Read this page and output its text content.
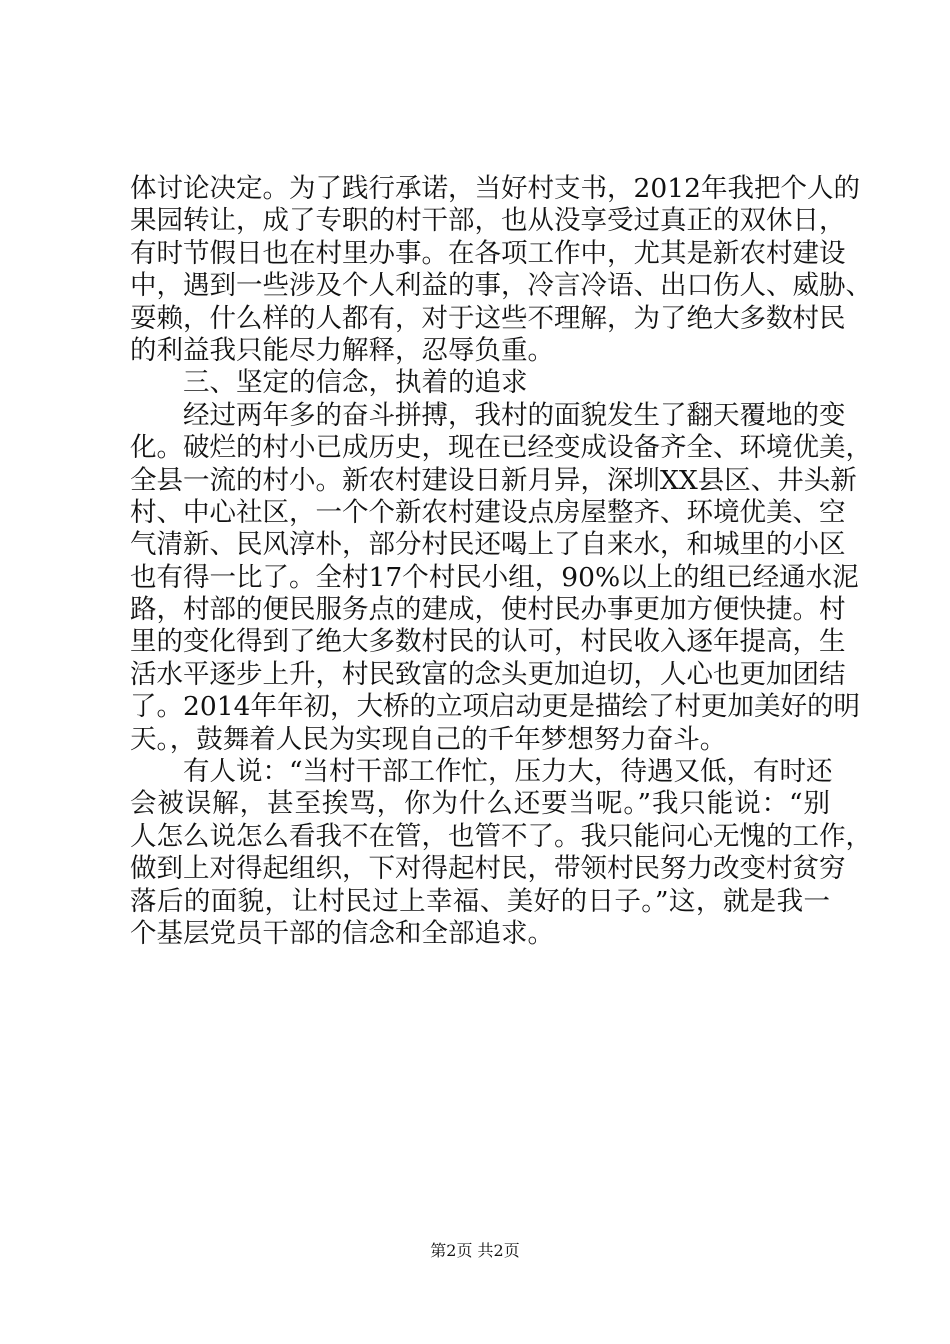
体讨论决定。为了践行承诺，当好村支书，2012年我把个人的
果园转让，成了专职的村干部，也从没享受过真正的双休日，
有时节假日也在村里办事。在各项工作中，尤其是新农村建设
中，遇到一些涉及个人利益的事，冷言冷语、出口伤人、威胁、
耍赖，什么样的人都有，对于这些不理解，为了绝大多数村民
的利益我只能尽力解释，忍辱负重。
三、坚定的信念，执着的追求
经过两年多的奋斗拼搏，我村的面貌发生了翻天覆地的变
化。破烂的村小已成历史，现在已经变成设备齐全、环境优美，
全县一流的村小。新农村建设日新月异，深圳XX县区、井头新
村、中心社区，一个个新农村建设点房屋整齐、环境优美、空
气清新、民风淳朴，部分村民还喝上了自来水，和城里的小区
也有得一比了。全村17个村民小组，90%以上的组已经通水泥
路，村部的便民服务点的建成，使村民办事更加方便快捷。村
里的变化得到了绝大多数村民的认可，村民收入逐年提高，生
活水平逐步上升，村民致富的念头更加迫切，人心也更加团结
了。2014年年初，大桥的立项启动更是描绘了村更加美好的明
天。，鼓舞着人民为实现自己的千年梦想努力奋斗。
有人说：“当村干部工作忙，压力大，待遇又低，有时还
会被误解，甚至挨骂，你为什么还要当呢。”我只能说：“别
人怎么说怎么看我不在管，也管不了。我只能问心无愧的工作，
做到上对得起组织，下对得起村民，带领村民努力改变村贫穷
落后的面貌，让村民过上幸福、美好的日子。”这，就是我一
个基层党员干部的信念和全部追求。
第2页 共2页
